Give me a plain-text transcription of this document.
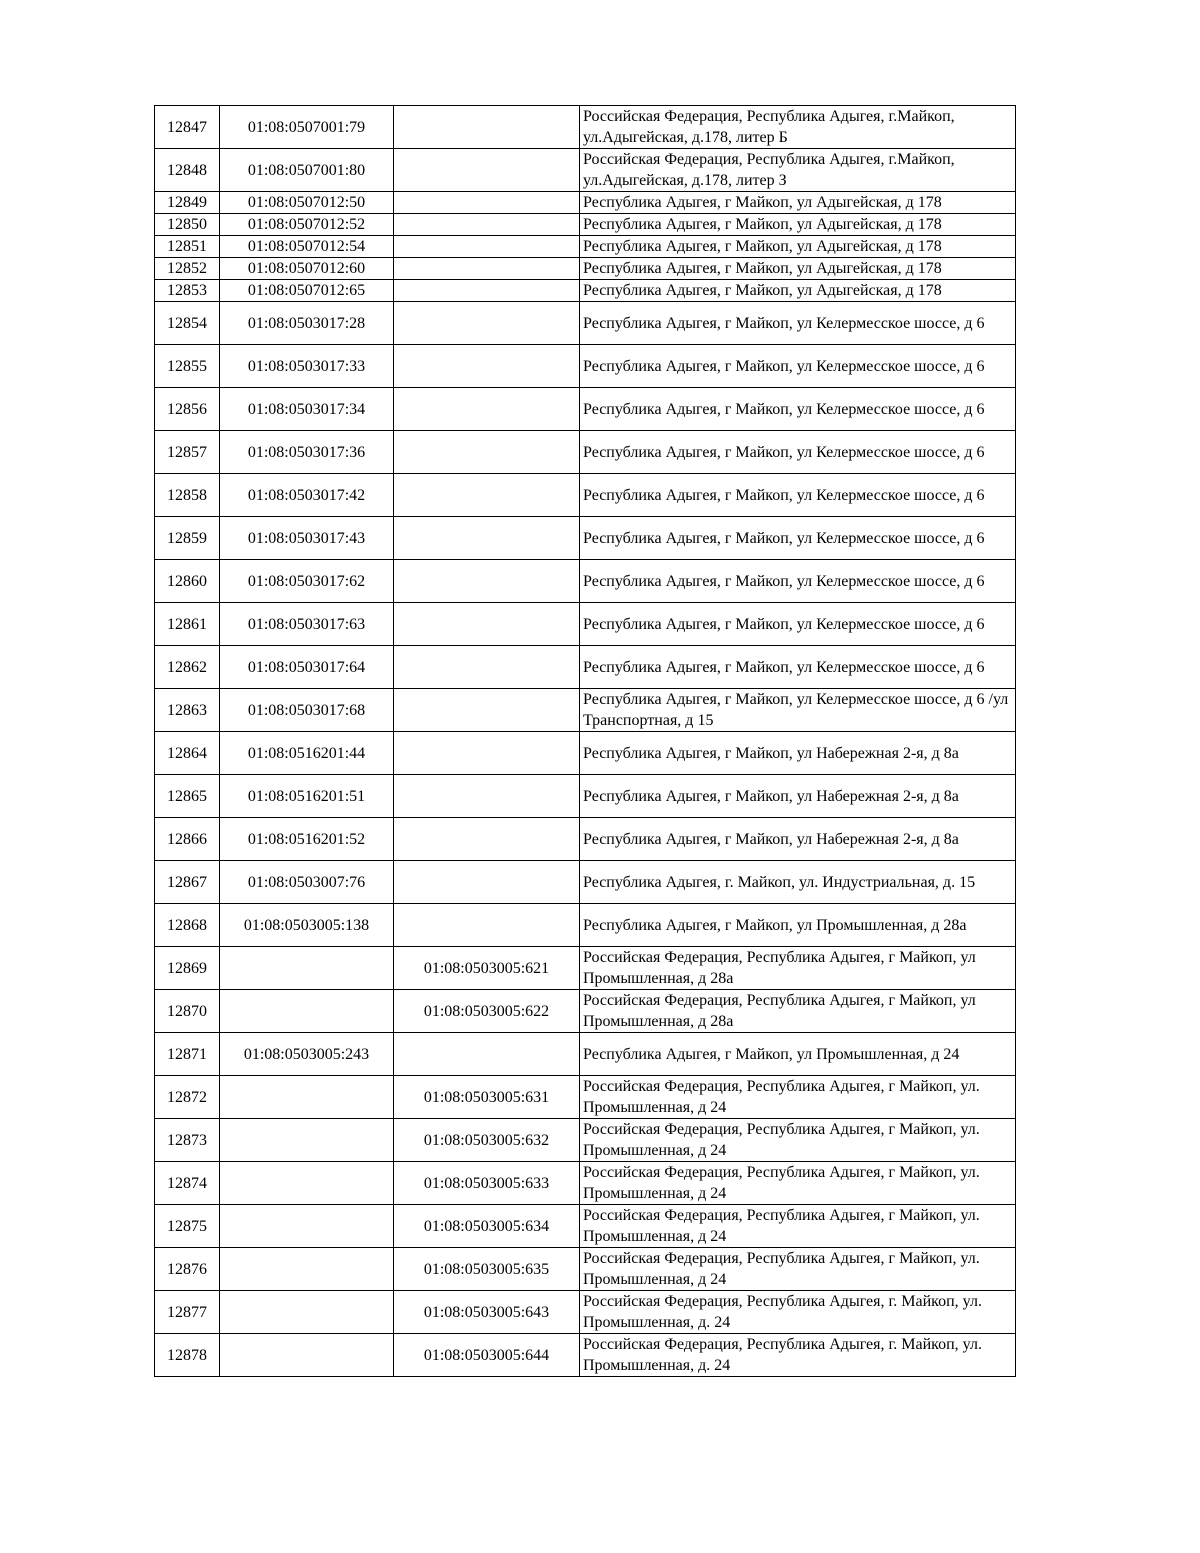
12847	01:08:0507001:79		Российская Федерация, Республика Адыгея, г.Майкоп, ул.Адыгейская, д.178, литер Б
12848	01:08:0507001:80		Российская Федерация, Республика Адыгея, г.Майкоп, ул.Адыгейская, д.178, литер З
12849	01:08:0507012:50		Республика Адыгея, г Майкоп, ул Адыгейская, д 178
12850	01:08:0507012:52		Республика Адыгея, г Майкоп, ул Адыгейская, д 178
12851	01:08:0507012:54		Республика Адыгея, г Майкоп, ул Адыгейская, д 178
12852	01:08:0507012:60		Республика Адыгея, г Майкоп, ул Адыгейская, д 178
12853	01:08:0507012:65		Республика Адыгея, г Майкоп, ул Адыгейская, д 178
12854	01:08:0503017:28		Республика Адыгея, г Майкоп, ул Келермесское шоссе, д 6
12855	01:08:0503017:33		Республика Адыгея, г Майкоп, ул Келермесское шоссе, д 6
12856	01:08:0503017:34		Республика Адыгея, г Майкоп, ул Келермесское шоссе, д 6
12857	01:08:0503017:36		Республика Адыгея, г Майкоп, ул Келермесское шоссе, д 6
12858	01:08:0503017:42		Республика Адыгея, г Майкоп, ул Келермесское шоссе, д 6
12859	01:08:0503017:43		Республика Адыгея, г Майкоп, ул Келермесское шоссе, д 6
12860	01:08:0503017:62		Республика Адыгея, г Майкоп, ул Келермесское шоссе, д 6
12861	01:08:0503017:63		Республика Адыгея, г Майкоп, ул Келермесское шоссе, д 6
12862	01:08:0503017:64		Республика Адыгея, г Майкоп, ул Келермесское шоссе, д 6
12863	01:08:0503017:68		Республика Адыгея, г Майкоп, ул Келермесское шоссе, д 6 /ул Транспортная, д 15
12864	01:08:0516201:44		Республика Адыгея, г Майкоп, ул Набережная 2-я, д 8а
12865	01:08:0516201:51		Республика Адыгея, г Майкоп, ул Набережная 2-я, д 8а
12866	01:08:0516201:52		Республика Адыгея, г Майкоп, ул Набережная 2-я, д 8а
12867	01:08:0503007:76		Республика Адыгея, г. Майкоп, ул. Индустриальная, д. 15
12868	01:08:0503005:138		Республика Адыгея, г Майкоп, ул Промышленная, д 28а
12869		01:08:0503005:621	Российская Федерация, Республика Адыгея, г Майкоп, ул Промышленная, д 28а
12870		01:08:0503005:622	Российская Федерация, Республика Адыгея, г Майкоп, ул Промышленная, д 28а
12871	01:08:0503005:243		Республика Адыгея, г Майкоп, ул Промышленная, д 24
12872		01:08:0503005:631	Российская Федерация, Республика Адыгея, г Майкоп, ул. Промышленная, д 24
12873		01:08:0503005:632	Российская Федерация, Республика Адыгея, г Майкоп, ул. Промышленная, д 24
12874		01:08:0503005:633	Российская Федерация, Республика Адыгея, г Майкоп, ул. Промышленная, д 24
12875		01:08:0503005:634	Российская Федерация, Республика Адыгея, г Майкоп, ул. Промышленная, д 24
12876		01:08:0503005:635	Российская Федерация, Республика Адыгея, г Майкоп, ул. Промышленная, д 24
12877		01:08:0503005:643	Российская Федерация, Республика Адыгея, г. Майкоп, ул. Промышленная, д. 24
12878		01:08:0503005:644	Российская Федерация, Республика Адыгея, г. Майкоп, ул. Промышленная, д. 24
